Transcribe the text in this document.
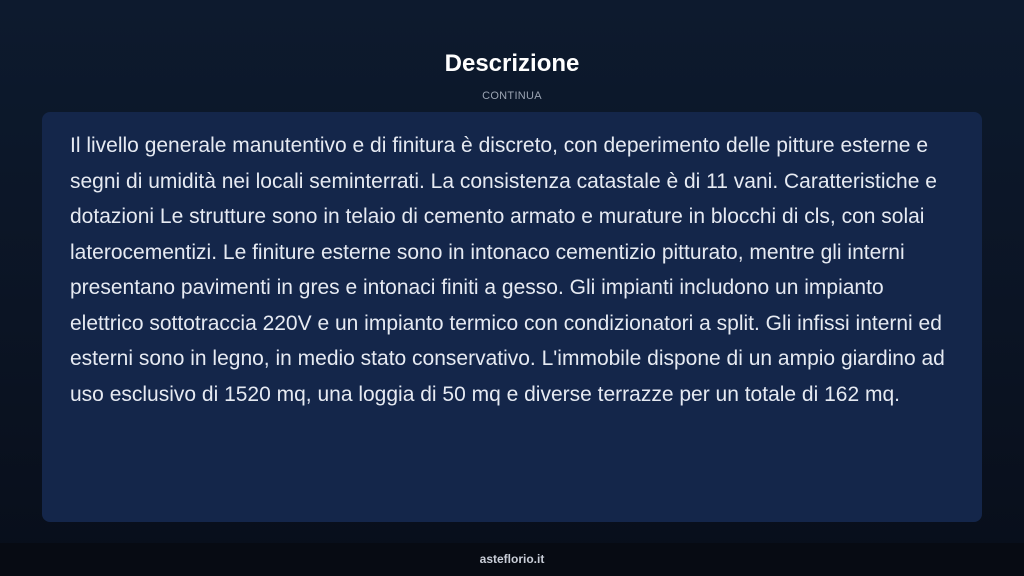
Descrizione
CONTINUA

Il livello generale manutentivo e di finitura è discreto, con deperimento delle pitture esterne e segni di umidità nei locali seminterrati. La consistenza catastale è di 11 vani. Caratteristiche e dotazioni Le strutture sono in telaio di cemento armato e murature in blocchi di cls, con solai laterocementizi. Le finiture esterne sono in intonaco cementizio pitturato, mentre gli interni presentano pavimenti in gres e intonaci finiti a gesso. Gli impianti includono un impianto elettrico sottotraccia 220V e un impianto termico con condizionatori a split. Gli infissi interni ed esterni sono in legno, in medio stato conservativo. L'immobile dispone di un ampio giardino ad uso esclusivo di 1520 mq, una loggia di 50 mq e diverse terrazze per un totale di 162 mq.

asteflorio.it
